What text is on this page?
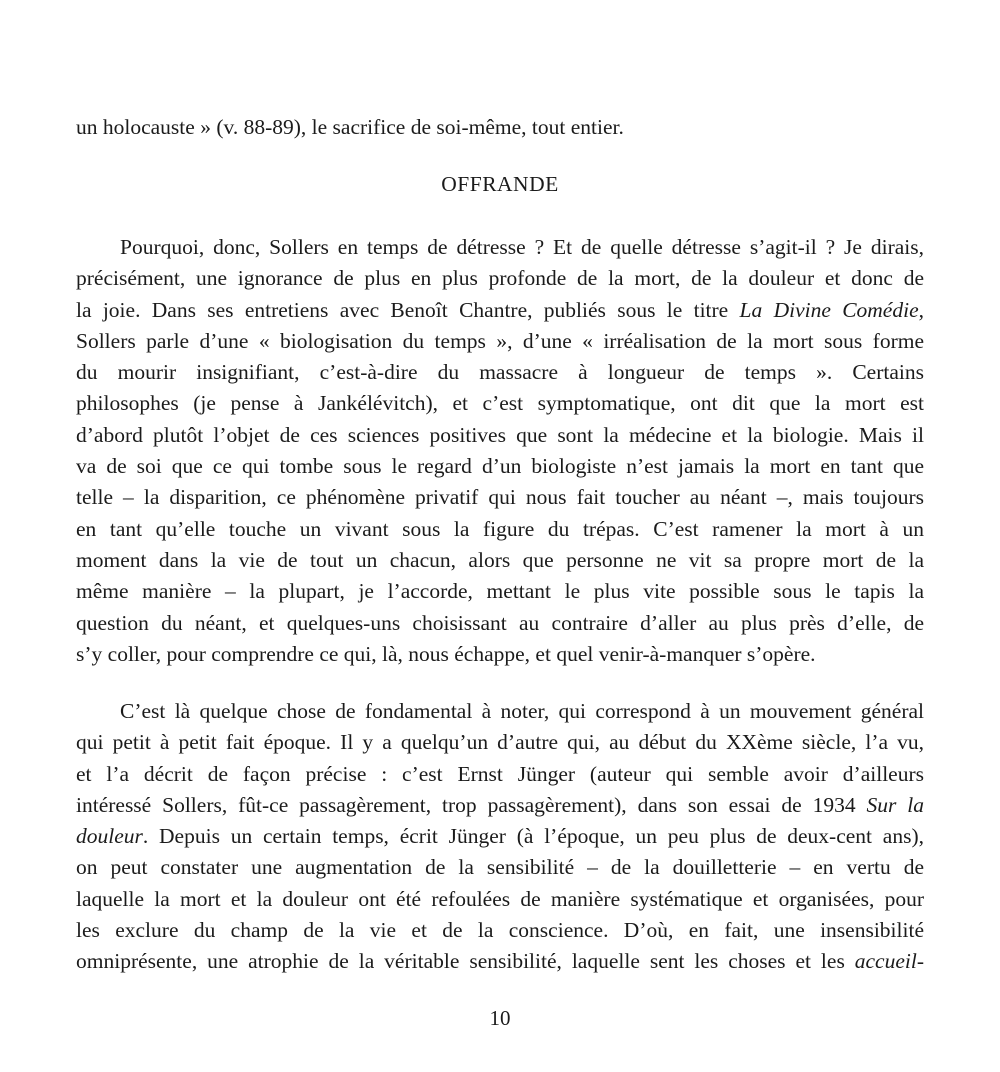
un holocauste » (v. 88-89), le sacrifice de soi-même, tout entier.
OFFRANDE
Pourquoi, donc, Sollers en temps de détresse ? Et de quelle détresse s’agit-il ? Je dirais,
précisément, une ignorance de plus en plus profonde de la mort, de la douleur et donc de
la joie. Dans ses entretiens avec Benoît Chantre, publiés sous le titre La Divine Comédie,
Sollers parle d’une « biologisation du temps », d’une « irréalisation de la mort sous forme
du mourir insignifiant, c’est-à-dire du massacre à longueur de temps ». Certains
philosophes (je pense à Jankélévitch), et c’est symptomatique, ont dit que la mort est
d’abord plutôt l’objet de ces sciences positives que sont la médecine et la biologie. Mais il
va de soi que ce qui tombe sous le regard d’un biologiste n’est jamais la mort en tant que
telle – la disparition, ce phénomène privatif qui nous fait toucher au néant –, mais toujours
en tant qu’elle touche un vivant sous la figure du trépas. C’est ramener la mort à un
moment dans la vie de tout un chacun, alors que personne ne vit sa propre mort de la
même manière – la plupart, je l’accorde, mettant le plus vite possible sous le tapis la
question du néant, et quelques-uns choisissant au contraire d’aller au plus près d’elle, de
s’y coller, pour comprendre ce qui, là, nous échappe, et quel venir-à-manquer s’opère.
C’est là quelque chose de fondamental à noter, qui correspond à un mouvement général
qui petit à petit fait époque. Il y a quelqu’un d’autre qui, au début du XXème siècle, l’a vu,
et l’a décrit de façon précise : c’est Ernst Jünger (auteur qui semble avoir d’ailleurs
intéressé Sollers, fût-ce passagèrement, trop passagèrement), dans son essai de 1934 Sur la
douleur. Depuis un certain temps, écrit Jünger (à l’époque, un peu plus de deux-cent ans),
on peut constater une augmentation de la sensibilité – de la douilletterie – en vertu de
laquelle la mort et la douleur ont été refoulées de manière systématique et organisées, pour
les exclure du champ de la vie et de la conscience. D’où, en fait, une insensibilité
omniprésente, une atrophie de la véritable sensibilité, laquelle sent les choses et les accueil-
10
